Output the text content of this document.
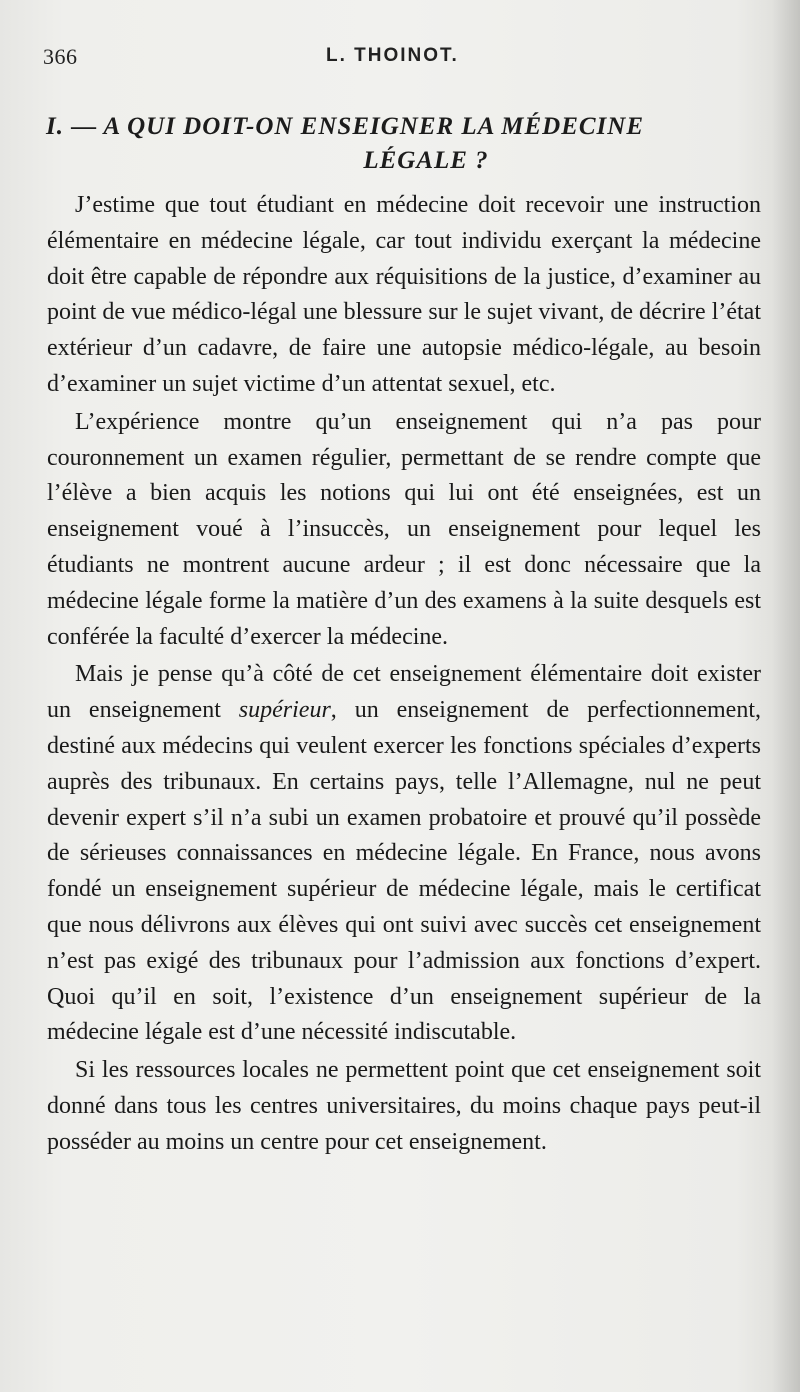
366	L. THOINOT.
I. — A QUI DOIT-ON ENSEIGNER LA MÉDECINE
LÉGALE ?

J’estime que tout étudiant en médecine doit recevoir une instruction élémentaire en médecine légale, car tout individu exerçant la médecine doit être capable de répondre aux réquisitions de la justice, d’examiner au point de vue médico-légal une blessure sur le sujet vivant, de décrire l’état extérieur d’un cadavre, de faire une autopsie médico-légale, au besoin d’examiner un sujet victime d’un attentat sexuel, etc.

L’expérience montre qu’un enseignement qui n’a pas pour couronnement un examen régulier, permettant de se rendre compte que l’élève a bien acquis les notions qui lui ont été enseignées, est un enseignement voué à l’insuccès, un enseignement pour lequel les étudiants ne montrent aucune ardeur ; il est donc nécessaire que la médecine légale forme la matière d’un des examens à la suite desquels est conférée la faculté d’exercer la médecine.

Mais je pense qu’à côté de cet enseignement élémentaire doit exister un enseignement supérieur, un enseignement de perfectionnement, destiné aux médecins qui veulent exercer les fonctions spéciales d’experts auprès des tribunaux. En certains pays, telle l’Allemagne, nul ne peut devenir expert s’il n’a subi un examen probatoire et prouvé qu’il possède de sérieuses connaissances en médecine légale. En France, nous avons fondé un enseignement supérieur de médecine légale, mais le certificat que nous délivrons aux élèves qui ont suivi avec succès cet enseignement n’est pas exigé des tribunaux pour l’admission aux fonctions d’expert. Quoi qu’il en soit, l’existence d’un enseignement supérieur de la médecine légale est d’une nécessité indiscutable.

Si les ressources locales ne permettent point que cet enseignement soit donné dans tous les centres universitaires, du moins chaque pays peut-il posséder au moins un centre pour cet enseignement.
